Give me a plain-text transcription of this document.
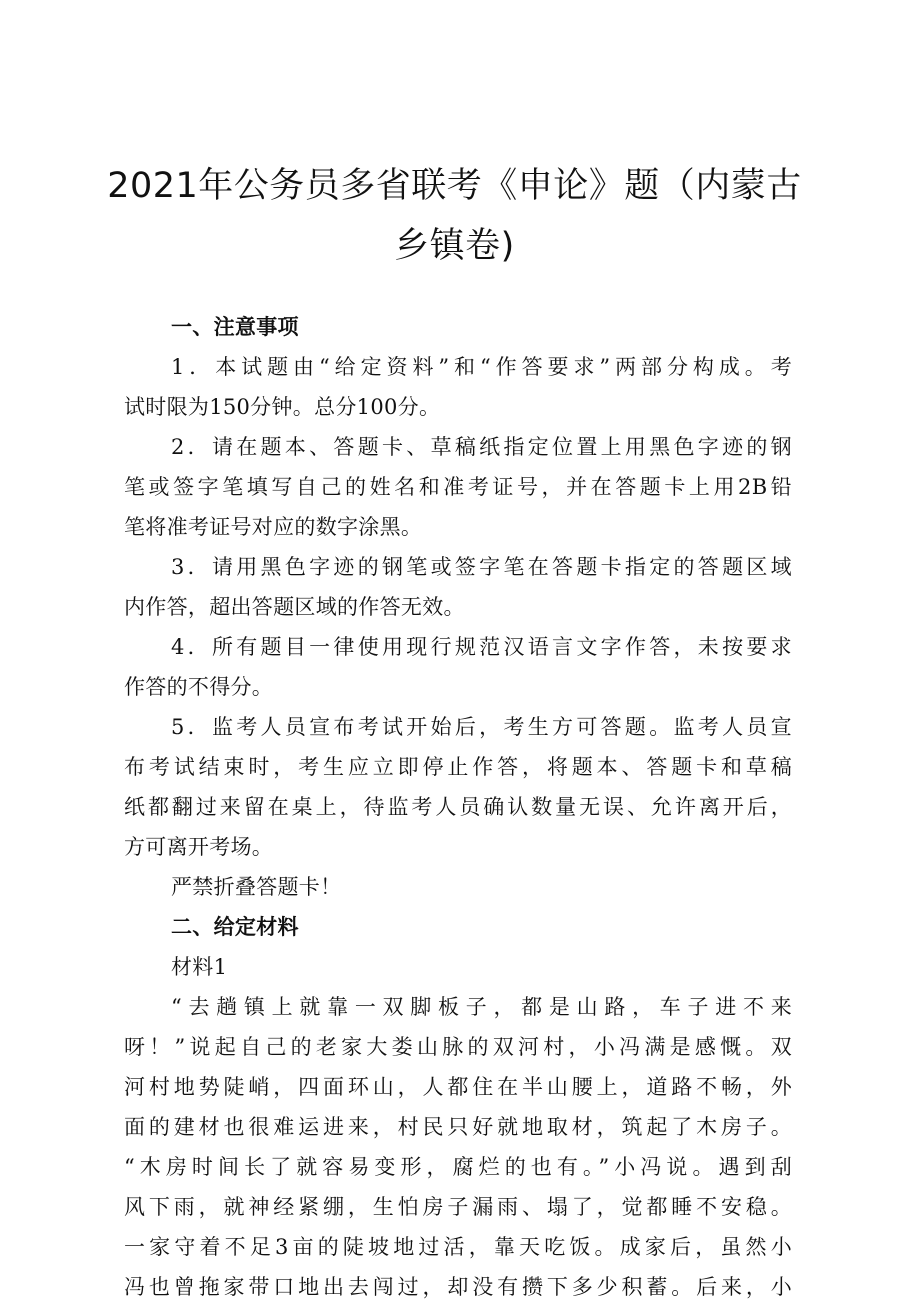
2021年公务员多省联考《申论》题（内蒙古
乡镇卷)
一、注意事项
1．本试题由“给定资料”和“作答要求”两部分构成。考
试时限为150分钟。总分100分。
2．请在题本、答题卡、草稿纸指定位置上用黑色字迹的钢
笔或签字笔填写自己的姓名和准考证号，并在答题卡上用2B铅
笔将准考证号对应的数字涂黑。
3．请用黑色字迹的钢笔或签字笔在答题卡指定的答题区域
内作答，超出答题区域的作答无效。
4．所有题目一律使用现行规范汉语言文字作答，未按要求
作答的不得分。
5．监考人员宣布考试开始后，考生方可答题。监考人员宣
布考试结束时，考生应立即停止作答，将题本、答题卡和草稿
纸都翻过来留在桌上，待监考人员确认数量无误、允许离开后，
方可离开考场。
严禁折叠答题卡！
二、给定材料
材料1
“去趟镇上就靠一双脚板子，都是山路，车子进不来
呀！”说起自己的老家大娄山脉的双河村，小冯满是感慨。双
河村地势陡峭，四面环山，人都住在半山腰上，道路不畅，外
面的建材也很难运进来，村民只好就地取材，筑起了木房子。
“木房时间长了就容易变形，腐烂的也有。”小冯说。遇到刮
风下雨，就神经紧绷，生怕房子漏雨、塌了，觉都睡不安稳。
一家守着不足3亩的陡坡地过活，靠天吃饭。成家后，虽然小
冯也曾拖家带口地出去闯过，却没有攒下多少积蓄。后来，小
